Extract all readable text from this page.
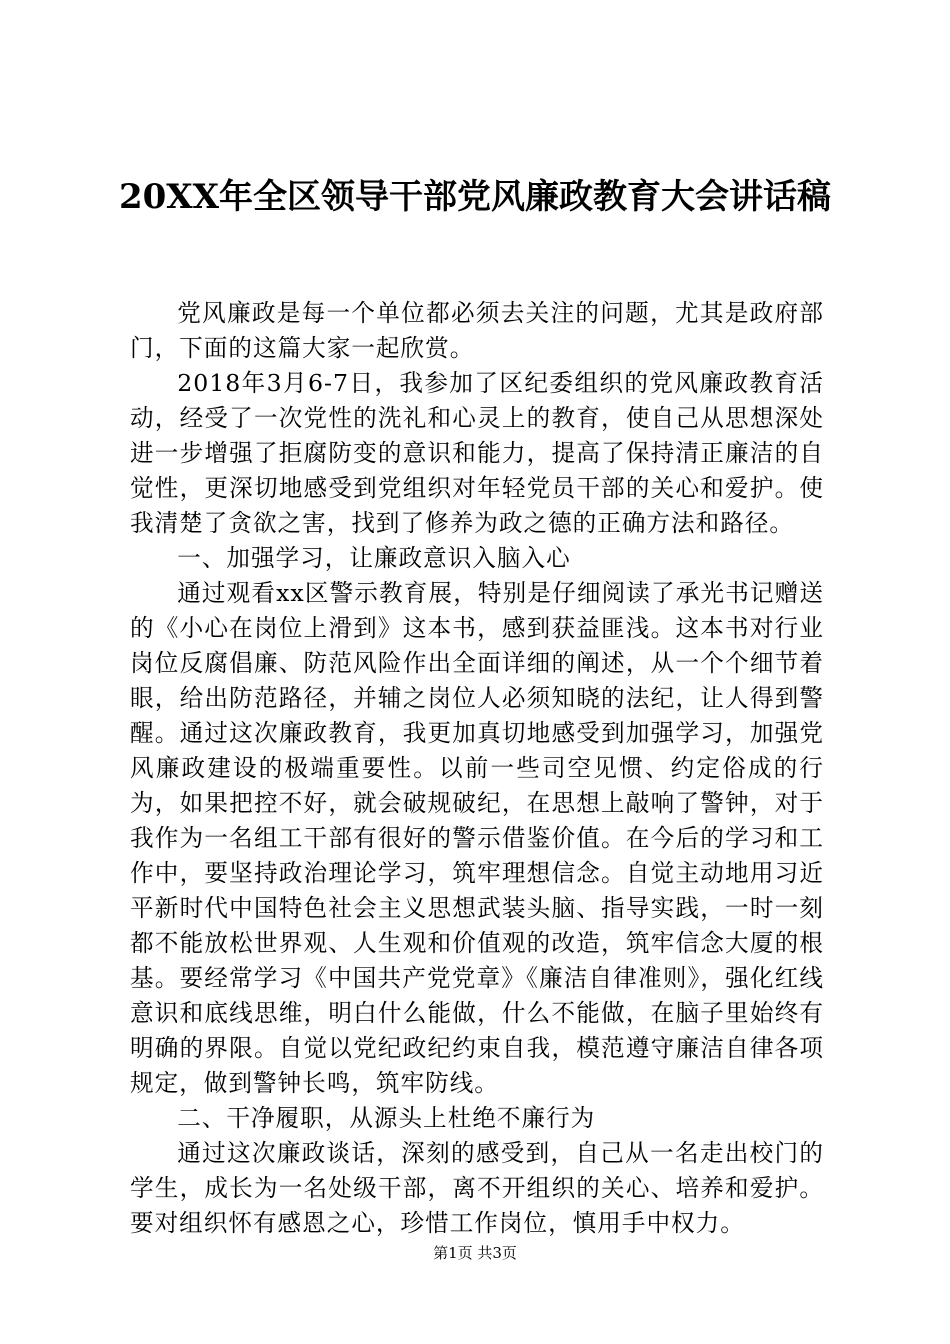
20XX年全区领导干部党风廉政教育大会讲话稿

党风廉政是每一个单位都必须去关注的问题，尤其是政府部门，下面的这篇大家一起欣赏。

2018年3月6-7日，我参加了区纪委组织的党风廉政教育活动，经受了一次党性的洗礼和心灵上的教育，使自己从思想深处进一步增强了拒腐防变的意识和能力，提高了保持清正廉洁的自觉性，更深切地感受到党组织对年轻党员干部的关心和爱护。使我清楚了贪欲之害，找到了修养为政之德的正确方法和路径。

一、加强学习，让廉政意识入脑入心

通过观看xx区警示教育展，特别是仔细阅读了承光书记赠送的《小心在岗位上滑到》这本书，感到获益匪浅。这本书对行业岗位反腐倡廉、防范风险作出全面详细的阐述，从一个个细节着眼，给出防范路径，并辅之岗位人必须知晓的法纪，让人得到警醒。通过这次廉政教育，我更加真切地感受到加强学习，加强党风廉政建设的极端重要性。以前一些司空见惯、约定俗成的行为，如果把控不好，就会破规破纪，在思想上敲响了警钟，对于我作为一名组工干部有很好的警示借鉴价值。在今后的学习和工作中，要坚持政治理论学习，筑牢理想信念。自觉主动地用习近平新时代中国特色社会主义思想武装头脑、指导实践，一时一刻都不能放松世界观、人生观和价值观的改造，筑牢信念大厦的根基。要经常学习《中国共产党党章》《廉洁自律准则》，强化红线意识和底线思维，明白什么能做，什么不能做，在脑子里始终有明确的界限。自觉以党纪政纪约束自我，模范遵守廉洁自律各项规定，做到警钟长鸣，筑牢防线。

二、干净履职，从源头上杜绝不廉行为

通过这次廉政谈话，深刻的感受到，自己从一名走出校门的学生，成长为一名处级干部，离不开组织的关心、培养和爱护。要对组织怀有感恩之心，珍惜工作岗位，慎用手中权力。

第1页 共3页
